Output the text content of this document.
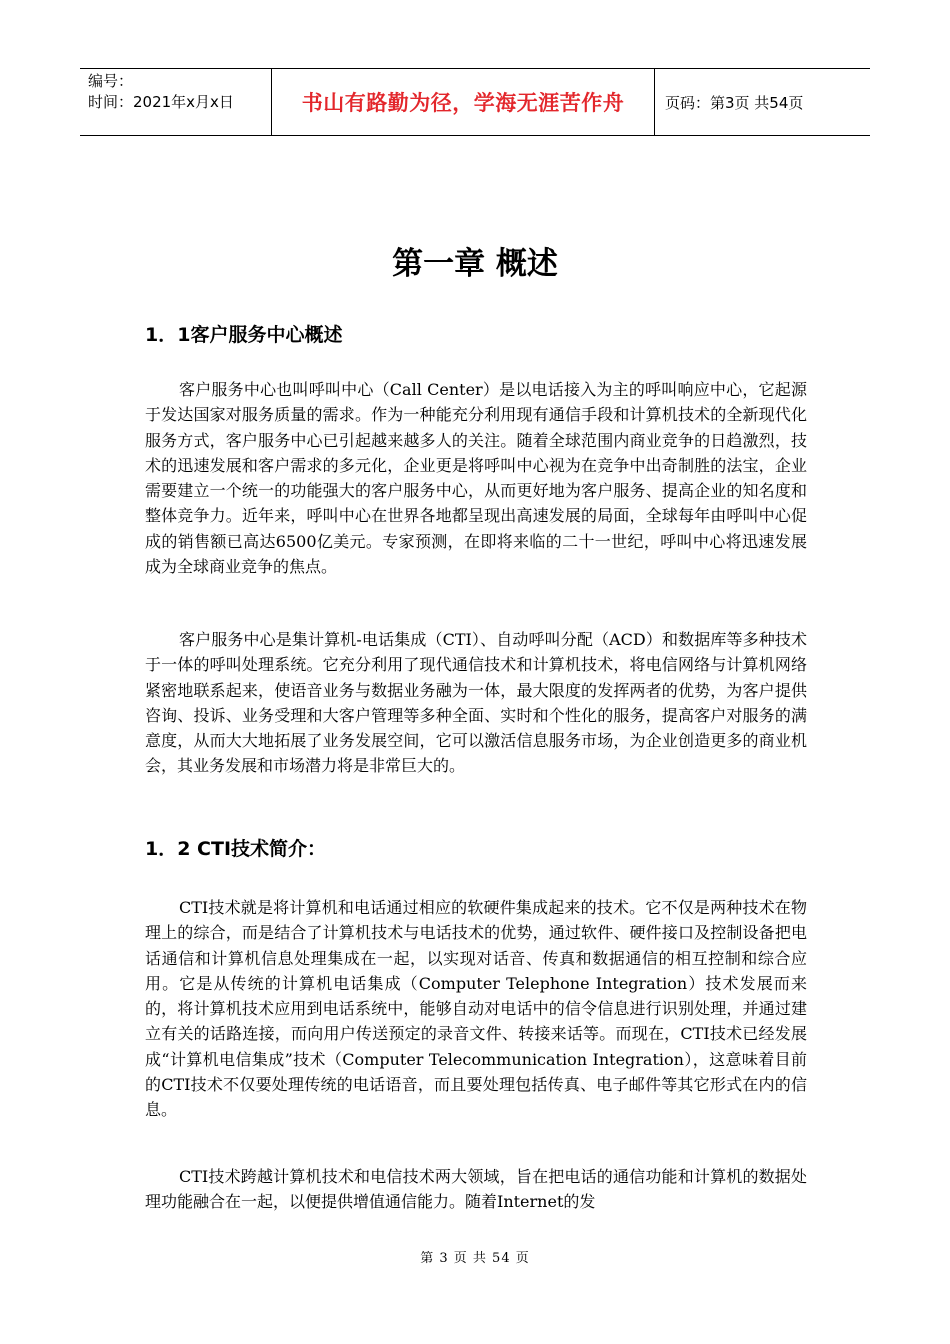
编号：
时间：2021年x月x日	书山有路勤为径，学海无涯苦作舟	页码：第3页 共54页
第一章 概述
1．1客户服务中心概述

客户服务中心也叫呼叫中心（Call Center）是以电话接入为主的呼叫响应中心，它起源于发达国家对服务质量的需求。作为一种能充分利用现有通信手段和计算机技术的全新现代化服务方式，客户服务中心已引起越来越多人的关注。随着全球范围内商业竞争的日趋激烈，技术的迅速发展和客户需求的多元化，企业更是将呼叫中心视为在竞争中出奇制胜的法宝，企业需要建立一个统一的功能强大的客户服务中心，从而更好地为客户服务、提高企业的知名度和整体竞争力。近年来，呼叫中心在世界各地都呈现出高速发展的局面，全球每年由呼叫中心促成的销售额已高达6500亿美元。专家预测，在即将来临的二十一世纪，呼叫中心将迅速发展成为全球商业竞争的焦点。

客户服务中心是集计算机-电话集成（CTI）、自动呼叫分配（ACD）和数据库等多种技术于一体的呼叫处理系统。它充分利用了现代通信技术和计算机技术，将电信网络与计算机网络紧密地联系起来，使语音业务与数据业务融为一体，最大限度的发挥两者的优势，为客户提供咨询、投诉、业务受理和大客户管理等多种全面、实时和个性化的服务，提高客户对服务的满意度，从而大大地拓展了业务发展空间，它可以激活信息服务市场，为企业创造更多的商业机会，其业务发展和市场潜力将是非常巨大的。

1．2 CTI技术简介：

CTI技术就是将计算机和电话通过相应的软硬件集成起来的技术。它不仅是两种技术在物理上的综合，而是结合了计算机技术与电话技术的优势，通过软件、硬件接口及控制设备把电话通信和计算机信息处理集成在一起，以实现对话音、传真和数据通信的相互控制和综合应用。它是从传统的计算机电话集成（Computer Telephone Integration）技术发展而来的，将计算机技术应用到电话系统中，能够自动对电话中的信令信息进行识别处理，并通过建立有关的话路连接，而向用户传送预定的录音文件、转接来话等。而现在，CTI技术已经发展成“计算机电信集成”技术（Computer Telecommunication Integration），这意味着目前的CTI技术不仅要处理传统的电话语音，而且要处理包括传真、电子邮件等其它形式在内的信息。

CTI技术跨越计算机技术和电信技术两大领域，旨在把电话的通信功能和计算机的数据处理功能融合在一起，以便提供增值通信能力。随着Internet的发

第 3 页 共 54 页
